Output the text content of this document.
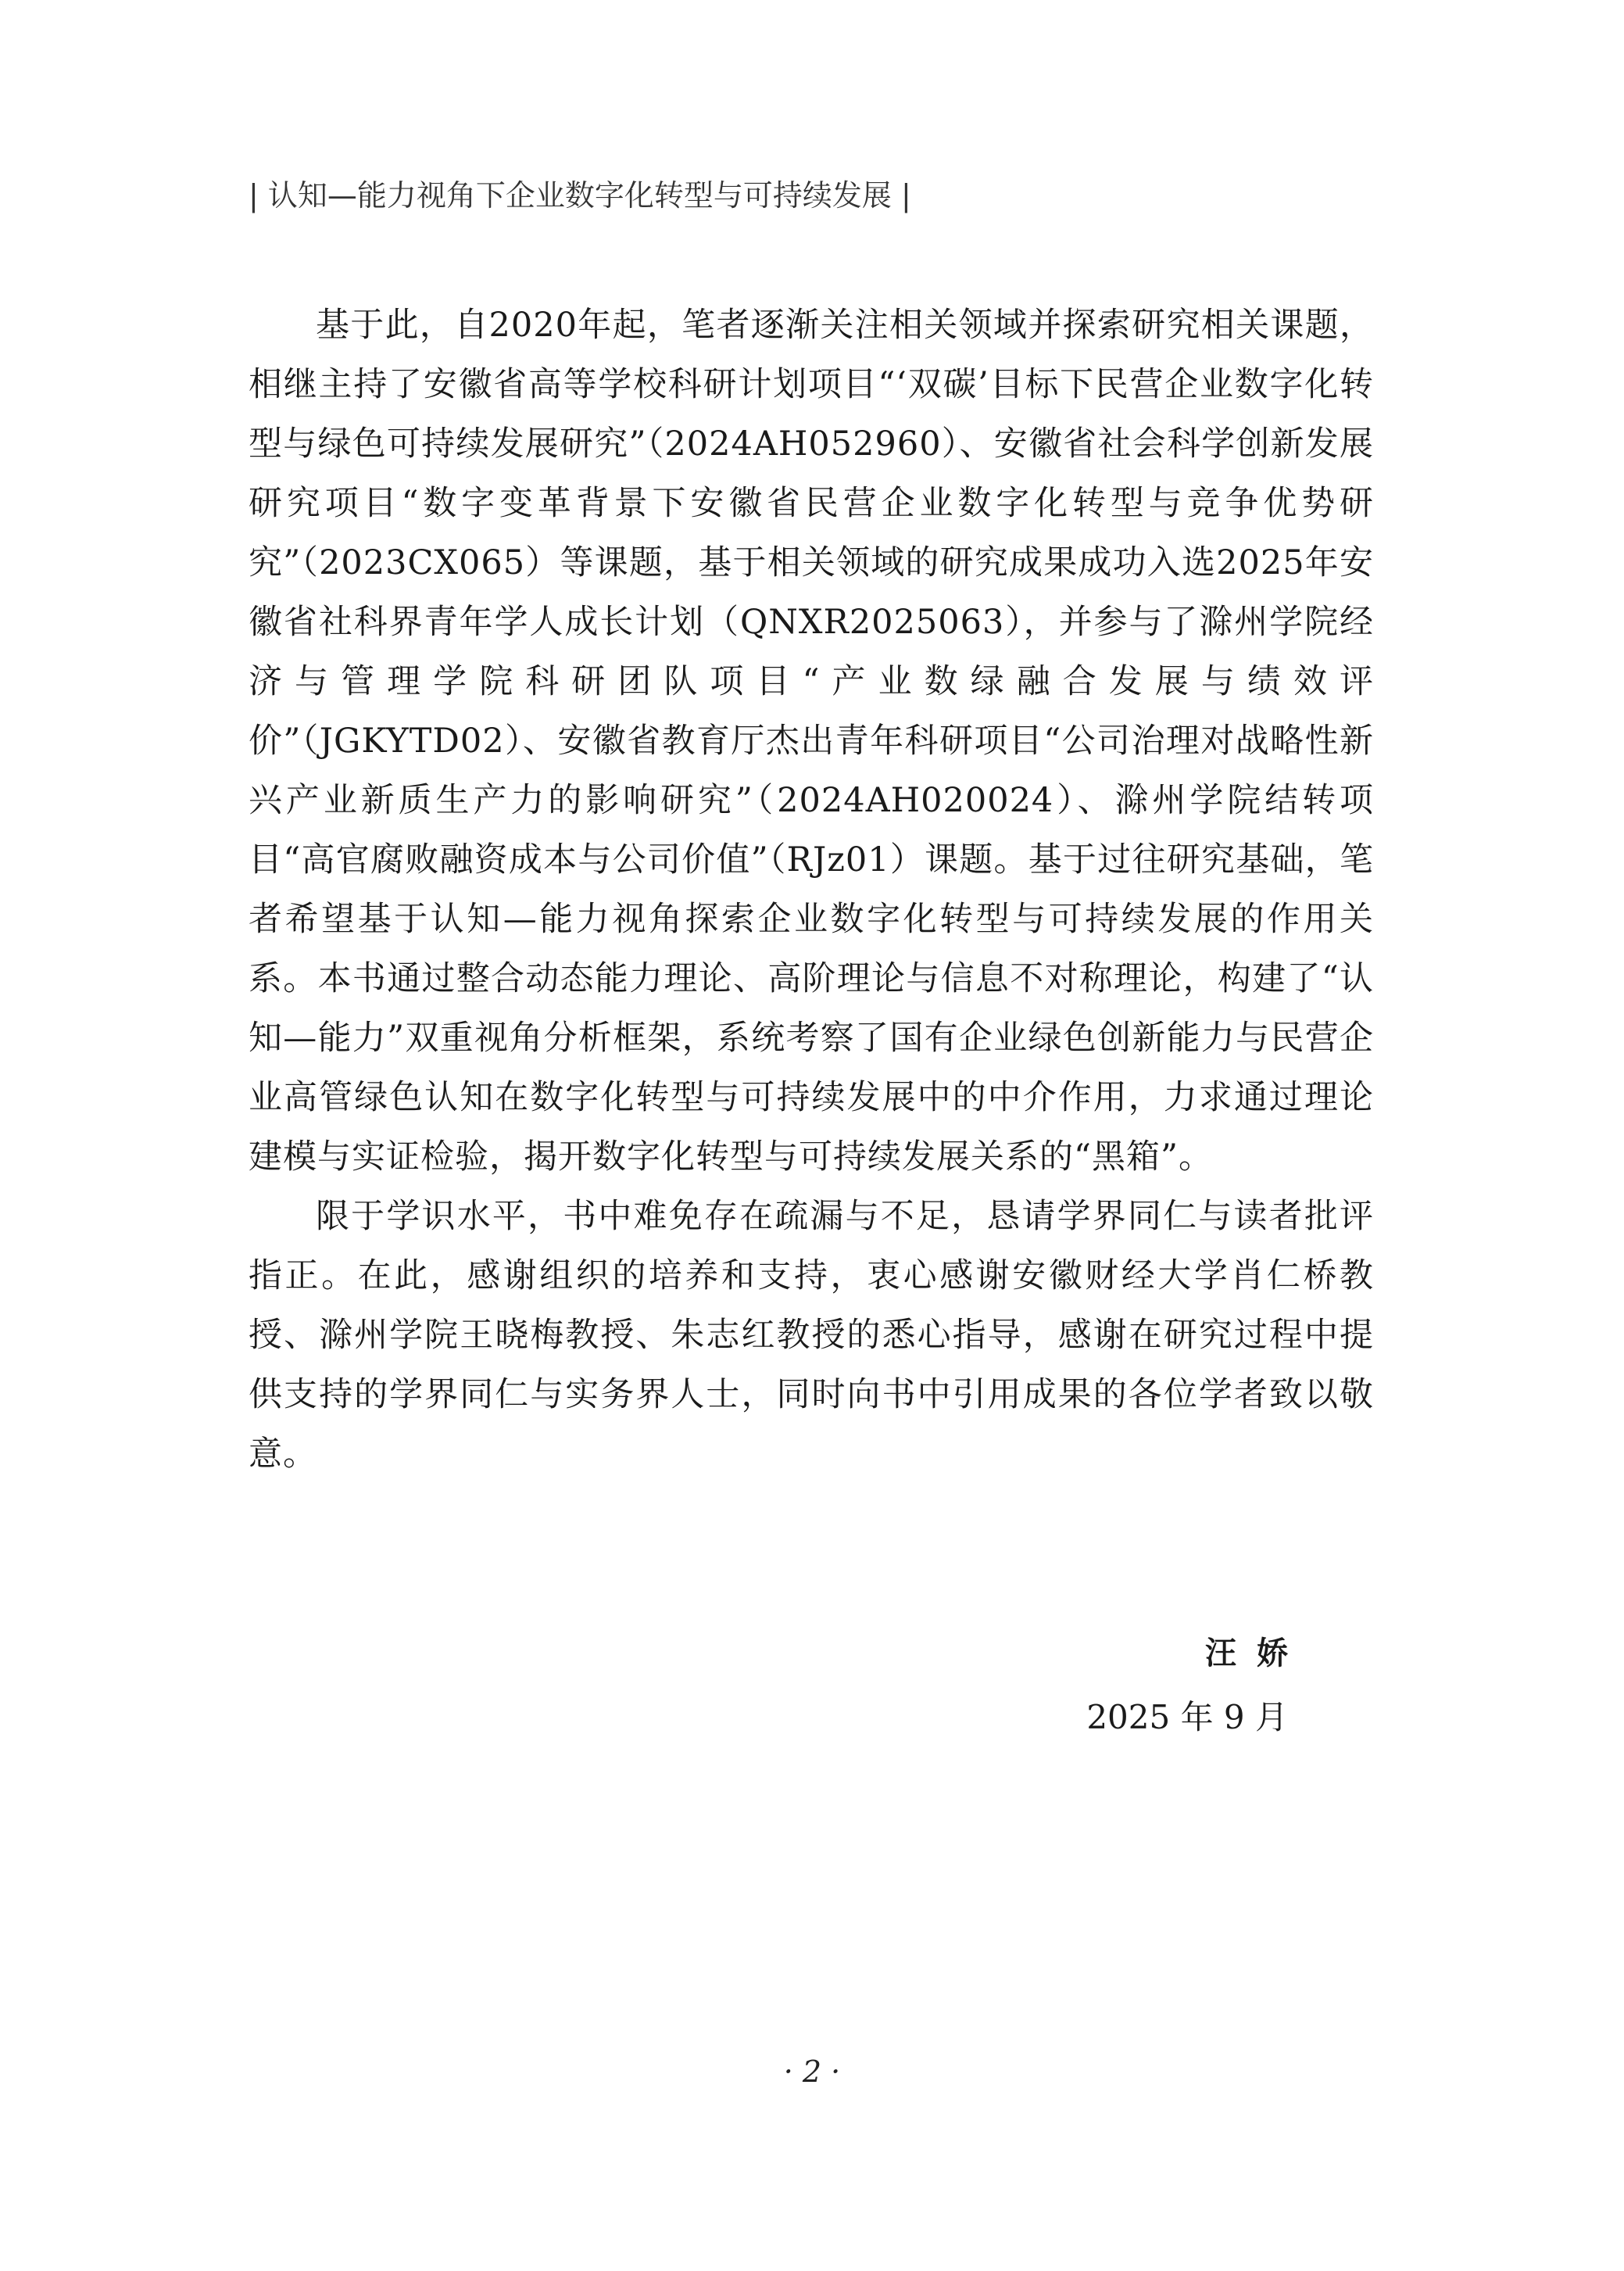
| 认知—能力视角下企业数字化转型与可持续发展 |

基于此，自2020年起，笔者逐渐关注相关领域并探索研究相关课题，相继主持了安徽省高等学校科研计划项目“‘双碳’目标下民营企业数字化转型与绿色可持续发展研究”（2024AH052960）、安徽省社会科学创新发展研究项目“数字变革背景下安徽省民营企业数字化转型与竞争优势研究”（2023CX065）等课题，基于相关领域的研究成果成功入选2025年安徽省社科界青年学人成长计划（QNXR2025063），并参与了滁州学院经济与管理学院科研团队项目“产业数绿融合发展与绩效评价”（JGKYTD02）、安徽省教育厅杰出青年科研项目“公司治理对战略性新兴产业新质生产力的影响研究”（2024AH020024）、滁州学院结转项目“高官腐败融资成本与公司价值”（RJz01）课题。基于过往研究基础，笔者希望基于认知—能力视角探索企业数字化转型与可持续发展的作用关系。本书通过整合动态能力理论、高阶理论与信息不对称理论，构建了“认知—能力”双重视角分析框架，系统考察了国有企业绿色创新能力与民营企业高管绿色认知在数字化转型与可持续发展中的中介作用，力求通过理论建模与实证检验，揭开数字化转型与可持续发展关系的“黑箱”。

限于学识水平，书中难免存在疏漏与不足，恳请学界同仁与读者批评指正。在此，感谢组织的培养和支持，衷心感谢安徽财经大学肖仁桥教授、滁州学院王晓梅教授、朱志红教授的悉心指导，感谢在研究过程中提供支持的学界同仁与实务界人士，同时向书中引用成果的各位学者致以敬意。

汪娇
2025 年 9 月
· 2 ·
